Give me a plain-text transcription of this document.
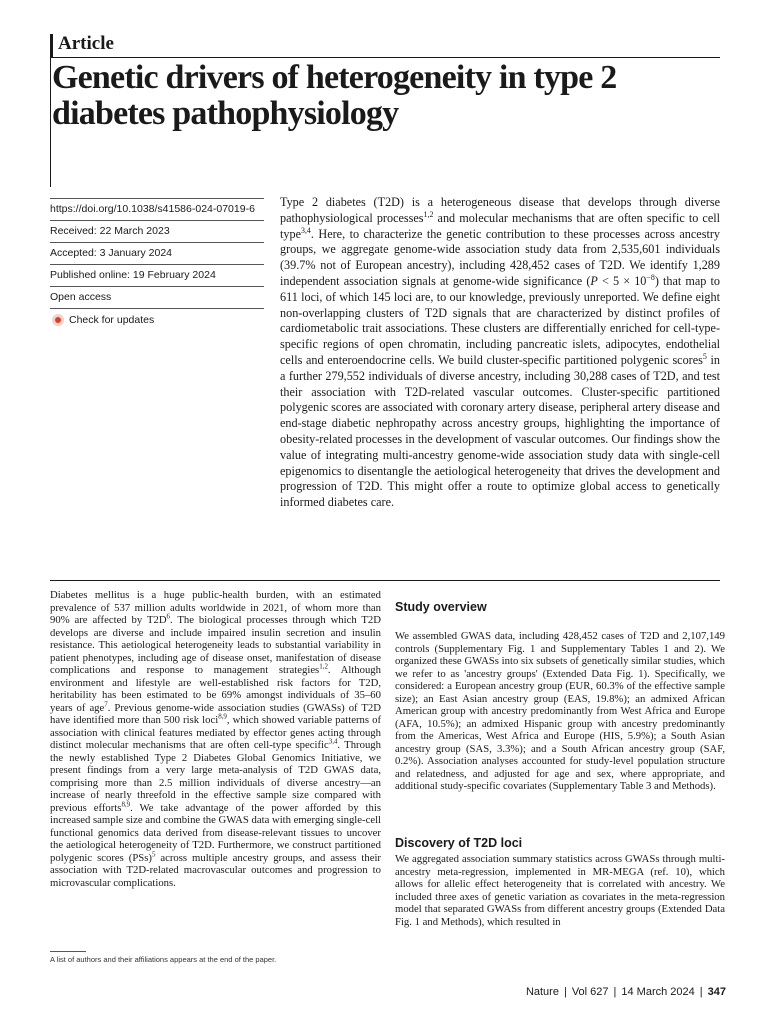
Article
Genetic drivers of heterogeneity in type 2 diabetes pathophysiology
https://doi.org/10.1038/s41586-024-07019-6
Received: 22 March 2023
Accepted: 3 January 2024
Published online: 19 February 2024
Open access
Check for updates

Type 2 diabetes (T2D) is a heterogeneous disease that develops through diverse pathophysiological processes$^{1,2}$ and molecular mechanisms that are often specific to cell type$^{3,4}$. Here, to characterize the genetic contribution to these processes across ancestry groups, we aggregate genome-wide association study data from 2,535,601 individuals (39.7% not of European ancestry), including 428,452 cases of T2D. We identify 1,289 independent association signals at genome-wide significance $(P < 5 \times 10^{-8})$ that map to 611 loci, of which 145 loci are, to our knowledge, previously unreported. We define eight non-overlapping clusters of T2D signals that are characterized by distinct profiles of cardiometabolic trait associations. These clusters are differentially enriched for cell-type-specific regions of open chromatin, including pancreatic islets, adipocytes, endothelial cells and enteroendocrine cells. We build cluster-specific partitioned polygenic scores$^5$ in a further 279,552 individuals of diverse ancestry, including 30,288 cases of T2D, and test their association with T2D-related vascular outcomes. Cluster-specific partitioned polygenic scores are associated with coronary artery disease, peripheral artery disease and end-stage diabetic nephropathy across ancestry groups, highlighting the importance of obesity-related processes in the development of vascular outcomes. Our findings show the value of integrating multi-ancestry genome-wide association study data with single-cell epigenomics to disentangle the aetiological heterogeneity that drives the development and progression of T2D. This might offer a route to optimize global access to genetically informed diabetes care.

Diabetes mellitus is a huge public-health burden, with an estimated prevalence of 537 million adults worldwide in 2021, of whom more than 90% are affected by $T2D^6$. The biological processes through which T2D develops are diverse and include impaired insulin secretion and insulin resistance. This aetiological heterogeneity leads to substantial variability in patient phenotypes, including age of disease onset, manifestation of disease complications and response to management strategies$^{1,2}$. Although environment and lifestyle are well-established risk factors for T2D, heritability has been estimated to be 69% amongst individuals of 35–60 years of age$^7$. Previous genome-wide association studies (GWASs) of T2D have identified more than 500 risk loci$^{8,9}$, which showed variable patterns of association with clinical features mediated by effector genes acting through distinct molecular mechanisms that are often cell-type specific$^{3,4}$. Through the newly established Type 2 Diabetes Global Genomics Initiative, we present findings from a very large meta-analysis of T2D GWAS data, comprising more than 2.5 million individuals of diverse ancestry—an increase of nearly threefold in the effective sample size compared with previous efforts$^{8,9}$. We take advantage of the power afforded by this increased sample size and combine the GWAS data with emerging single-cell functional genomics data derived from disease-relevant tissues to uncover the aetiological heterogeneity of T2D. Furthermore, we construct partitioned polygenic scores (PSs)$^5$ across multiple ancestry groups, and assess their association with T2D-related macrovascular outcomes and progression to microvascular complications.

Study overview

We assembled GWAS data, including 428,452 cases of T2D and 2,107,149 controls (Supplementary Fig. 1 and Supplementary Tables 1 and 2). We organized these GWASs into six subsets of genetically similar studies, which we refer to as 'ancestry groups' (Extended Data Fig. 1). Specifically, we considered: a European ancestry group (EUR, 60.3% of the effective sample size); an East Asian ancestry group (EAS, 19.8%); an admixed African American group with ancestry predominantly from West Africa and Europe (AFA, 10.5%); an admixed Hispanic group with ancestry predominantly from the Americas, West Africa and Europe (HIS, 5.9%); a South Asian ancestry group (SAS, 3.3%); and a South African ancestry group (SAF, 0.2%). Association analyses accounted for study-level population structure and relatedness, and adjusted for age and sex, where appropriate, and additional study-specific covariates (Supplementary Table 3 and Methods).

Discovery of T2D loci

We aggregated association summary statistics across GWASs through multi-ancestry meta-regression, implemented in MR-MEGA (ref. 10), which allows for allelic effect heterogeneity that is correlated with ancestry. We included three axes of genetic variation as covariates in the meta-regression model that separated GWASs from different ancestry groups (Extended Data Fig. 1 and Methods), which resulted in

A list of authors and their affiliations appears at the end of the paper.
Nature | Vol 627 | 14 March 2024 | 347
